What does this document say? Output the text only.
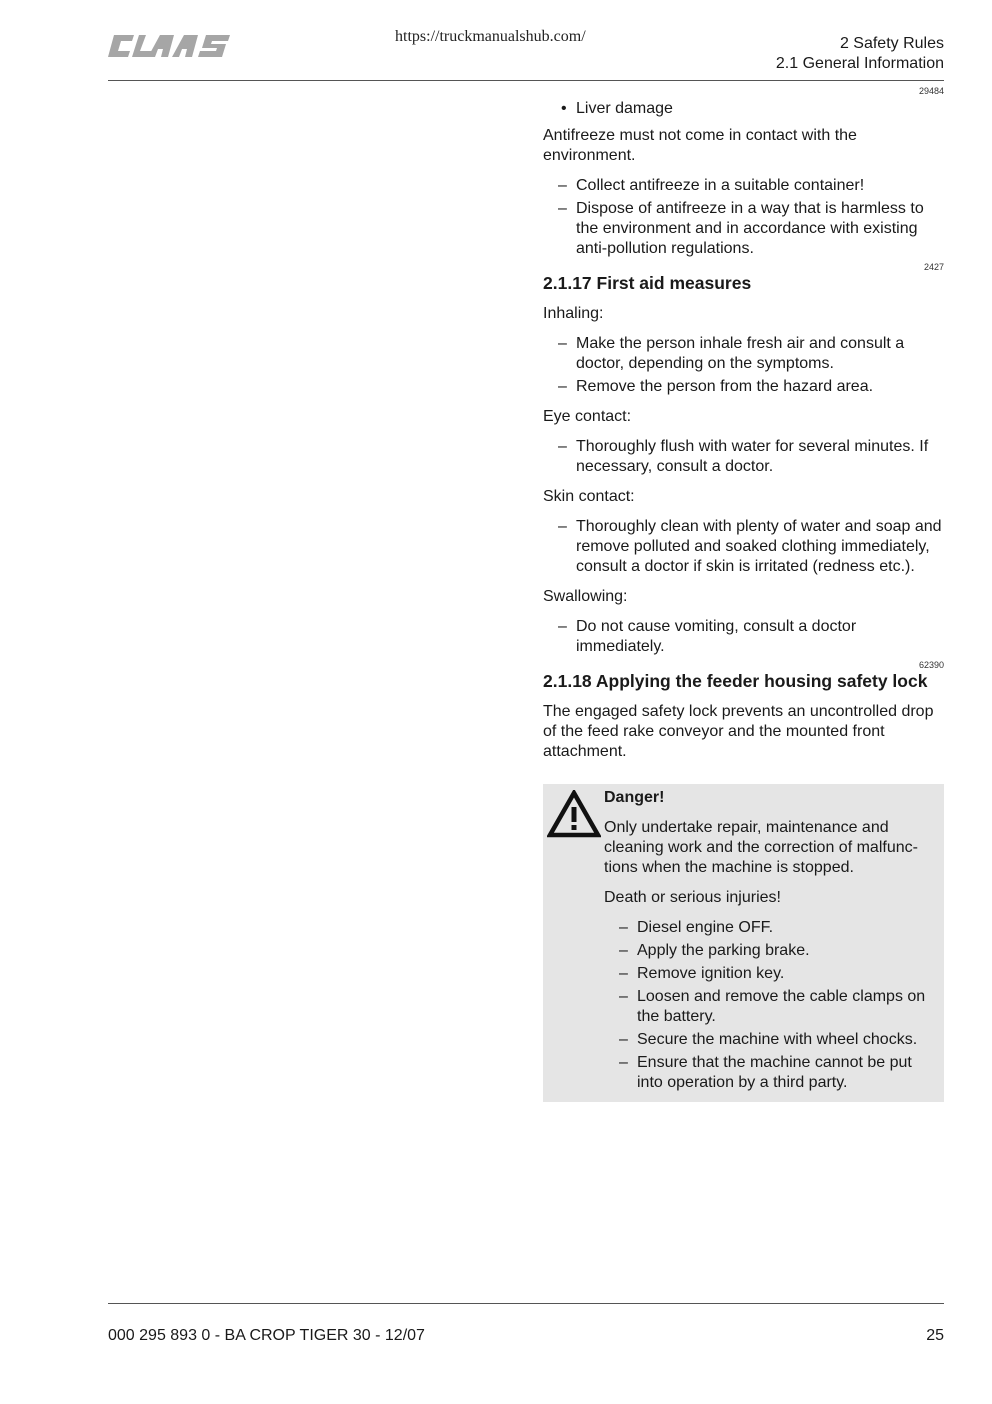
https://truckmanualshub.com/	2 Safety Rules
2.1 General Information
29484
• Liver damage

Antifreeze must not come in contact with the environment.

– Collect antifreeze in a suitable container!
– Dispose of antifreeze in a way that is harmless to the environment and in accordance with existing anti-pollution regulations.
2427
2.1.17 First aid measures

Inhaling:

– Make the person inhale fresh air and consult a doctor, depending on the symptoms.
– Remove the person from the hazard area.

Eye contact:

– Thoroughly flush with water for several minutes. If necessary, consult a doctor.

Skin contact:

– Thoroughly clean with plenty of water and soap and remove polluted and soaked clothing immediately, consult a doctor if skin is irritated (redness etc.).

Swallowing:

– Do not cause vomiting, consult a doctor immediately.
62390
2.1.18 Applying the feeder housing safety lock

The engaged safety lock prevents an uncontrolled drop of the feed rake conveyor and the mounted front attachment.

Danger!

Only undertake repair, maintenance and cleaning work and the correction of malfunctions when the machine is stopped.

Death or serious injuries!

– Diesel engine OFF.
– Apply the parking brake.
– Remove ignition key.
– Loosen and remove the cable clamps on the battery.
– Secure the machine with wheel chocks.
– Ensure that the machine cannot be put into operation by a third party.
000 295 893 0 - BA CROP TIGER 30 - 12/07	25
